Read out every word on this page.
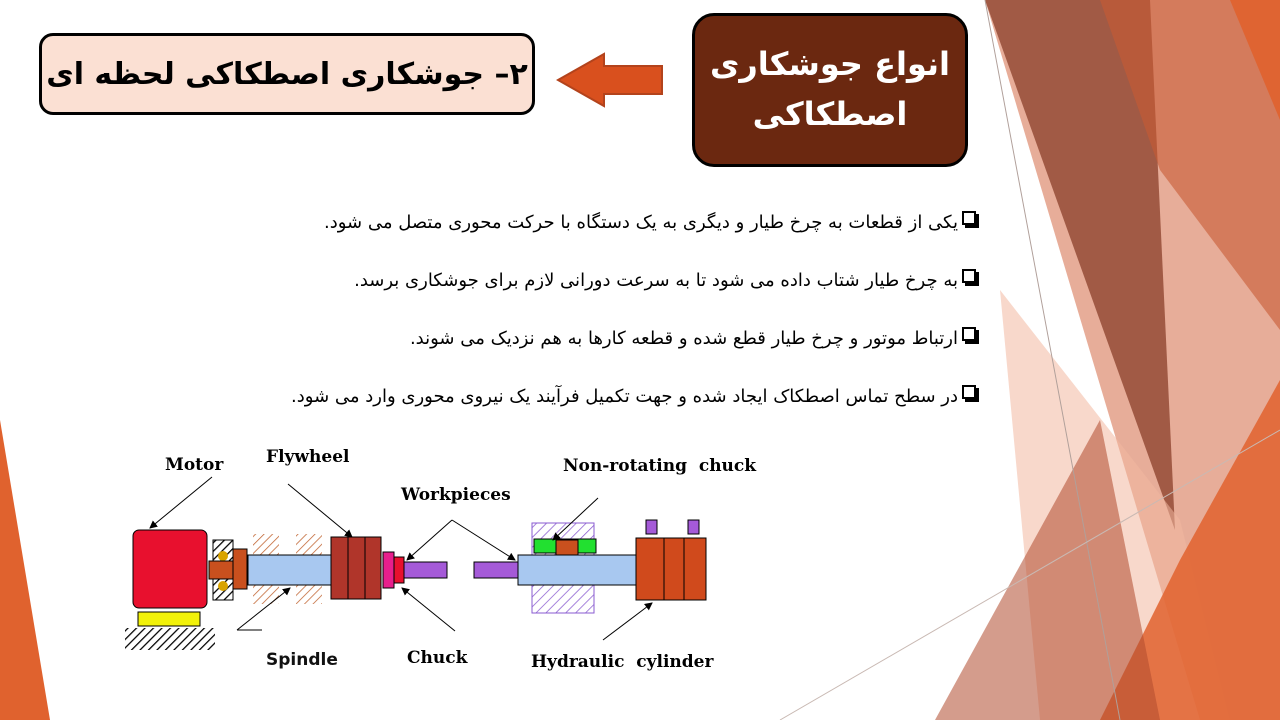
انواع جوشکاری
اصطکاکی
۲– جوشکاری اصطکاکی لحظه ای
یکی از قطعات به چرخ طیار و دیگری به یک دستگاه با حرکت محوری متصل می شود.
به چرخ طیار شتاب داده می شود تا به سرعت دورانی لازم برای جوشکاری برسد.
ارتباط موتور و چرخ طیار قطع شده و قطعه کارها به هم نزدیک می شوند.
در سطح تماس اصطکاک ایجاد شده و جهت تکمیل فرآیند یک نیروی محوری وارد می شود.
Motor	Flywheel
Workpieces
Non-rotating  chuck
Spindle	Chuck	Hydraulic  cylinder
